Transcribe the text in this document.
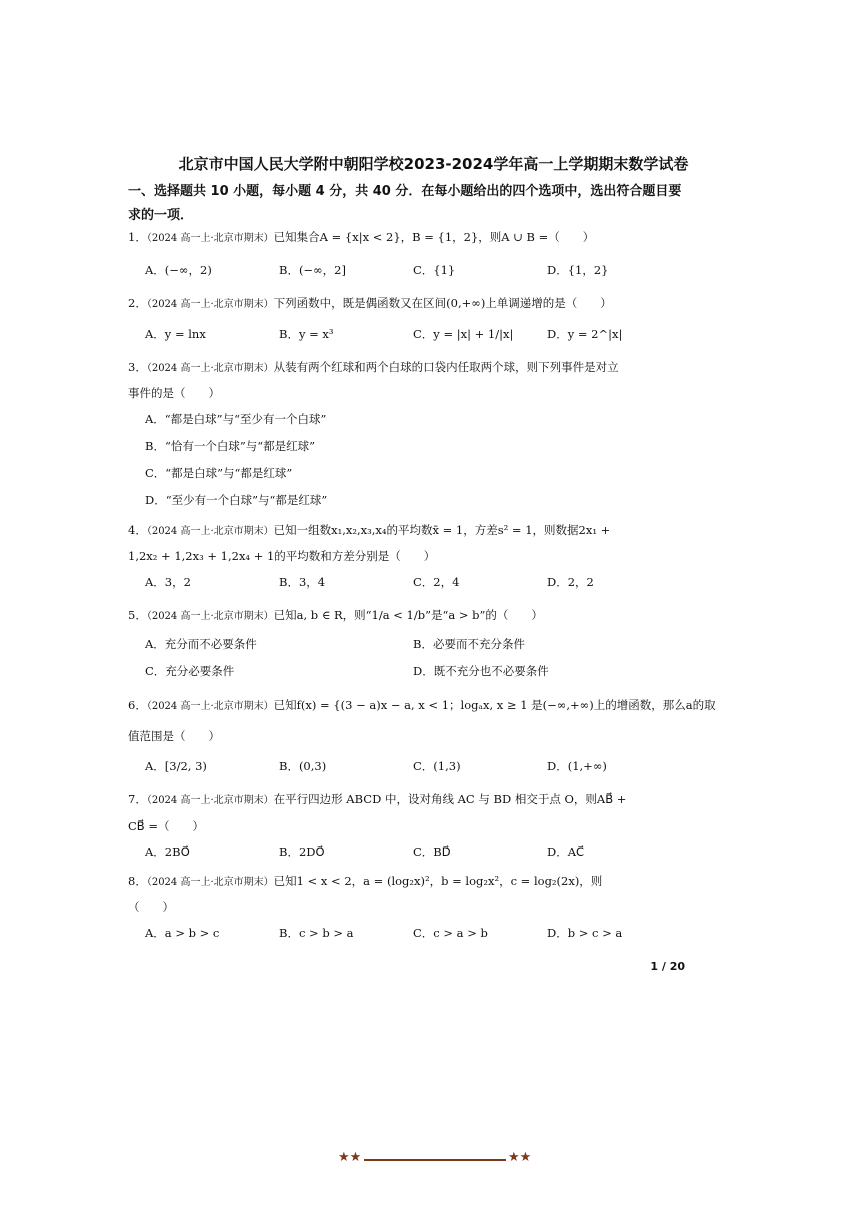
北京市中国人民大学附中朝阳学校2023-2024学年高一上学期期末数学试卷
一、选择题共 10 小题，每小题 4 分，共 40 分．在每小题给出的四个选项中，选出符合题目要求的一项．
1．（2024 高一上·北京市期末）已知集合A = {x|x < 2}，B = {1，2}，则A ∪ B =（　　）
A．(−∞，2)	B．(−∞，2]	C．{1}	D．{1，2}
2．（2024 高一上·北京市期末）下列函数中，既是偶函数又在区间(0,+∞)上单调递增的是（　　）
A．y = lnx	B．y = x³	C．y = |x| + 1/|x|	D．y = 2^|x|
3．（2024 高一上·北京市期末）从装有两个红球和两个白球的口袋内任取两个球，则下列事件是对立
事件的是（　　）
A．“都是白球”与“至少有一个白球”
B．“恰有一个白球”与“都是红球”
C．“都是白球”与“都是红球”
D．“至少有一个白球”与“都是红球”
4．（2024 高一上·北京市期末）已知一组数x₁,x₂,x₃,x₄的平均数x̄ = 1，方差s² = 1，则数据2x₁ +
1,2x₂ + 1,2x₃ + 1,2x₄ + 1的平均数和方差分别是（　　）
A．3，2	B．3，4	C．2，4	D．2，2
5．（2024 高一上·北京市期末）已知a, b ∈ R，则“1/a < 1/b”是“a > b”的（　　）
A．充分而不必要条件	B．必要而不充分条件
C．充分必要条件	D．既不充分也不必要条件
6．（2024 高一上·北京市期末）已知f(x) = {(3 − a)x − a, x < 1；logₐx, x ≥ 1 是(−∞,+∞)上的增函数，那么a的取
值范围是（　　）
A．[3/2, 3)	B．(0,3)	C．(1,3)	D．(1,+∞)
7．（2024 高一上·北京市期末）在平行四边形 ABCD 中，设对角线 AC 与 BD 相交于点 O，则AB⃗ +
CB⃗ =（　　）
A．2BO⃗	B．2DO⃗	C．BD⃗	D．AC⃗
8．（2024 高一上·北京市期末）已知1 < x < 2，a = (log₂x)²，b = log₂x²，c = log₂(2x)，则
（　　）
A．a > b > c	B．c > b > a	C．c > a > b	D．b > c > a
1 / 20
★★	★★
